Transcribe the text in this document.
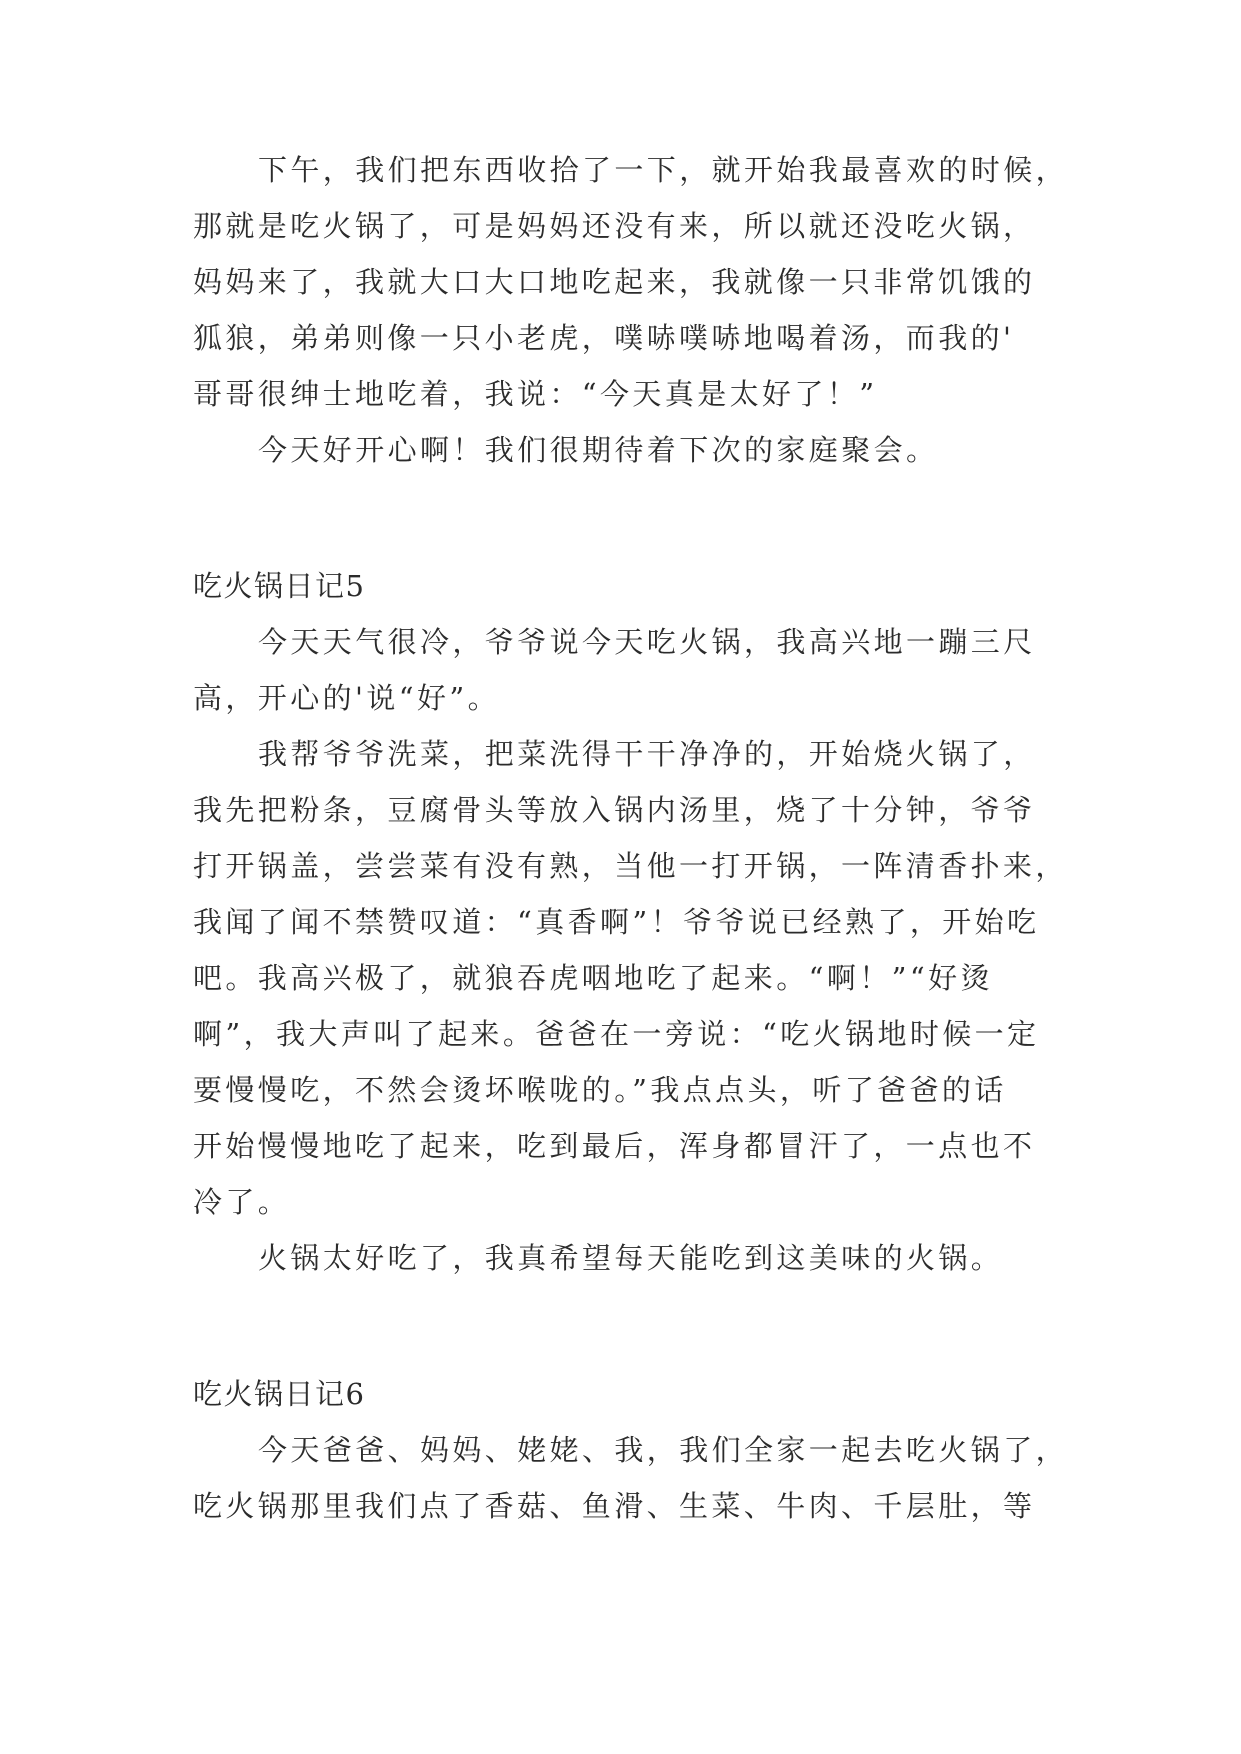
下午，我们把东西收拾了一下，就开始我最喜欢的时候，

那就是吃火锅了，可是妈妈还没有来，所以就还没吃火锅，

妈妈来了，我就大口大口地吃起来，我就像一只非常饥饿的

狐狼，弟弟则像一只小老虎，噗哧噗哧地喝着汤，而我的'

哥哥很绅士地吃着，我说：“今天真是太好了！”

今天好开心啊！我们很期待着下次的家庭聚会。

吃火锅日记5

今天天气很冷，爷爷说今天吃火锅，我高兴地一蹦三尺

高，开心的'说“好”。

我帮爷爷洗菜，把菜洗得干干净净的，开始烧火锅了，

我先把粉条，豆腐骨头等放入锅内汤里，烧了十分钟，爷爷

打开锅盖，尝尝菜有没有熟，当他一打开锅，一阵清香扑来，

我闻了闻不禁赞叹道：“真香啊”！爷爷说已经熟了，开始吃

吧。我高兴极了，就狼吞虎咽地吃了起来。“啊！”“好烫

啊”，我大声叫了起来。爸爸在一旁说：“吃火锅地时候一定

要慢慢吃，不然会烫坏喉咙的。”我点点头，听了爸爸的话

开始慢慢地吃了起来，吃到最后，浑身都冒汗了，一点也不

冷了。

火锅太好吃了，我真希望每天能吃到这美味的火锅。

吃火锅日记6

今天爸爸、妈妈、姥姥、我，我们全家一起去吃火锅了，

吃火锅那里我们点了香菇、鱼滑、生菜、牛肉、千层肚，等
